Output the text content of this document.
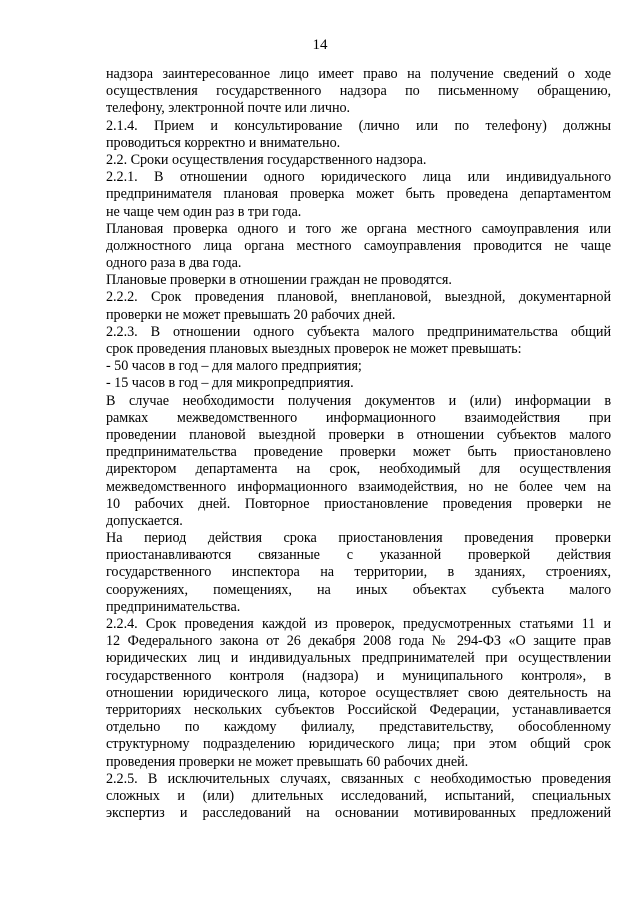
14
надзора заинтересованное лицо имеет право на получение сведений о ходе
осуществления государственного надзора по письменному обращению,
телефону, электронной почте или лично.
2.1.4. Прием и консультирование (лично или по телефону) должны
проводиться корректно и внимательно.
2.2. Сроки осуществления государственного надзора.
2.2.1. В отношении одного юридического лица или индивидуального
предпринимателя плановая проверка может быть проведена департаментом
не чаще чем один раз в три года.
Плановая проверка одного и того же органа местного самоуправления или
должностного лица органа местного самоуправления проводится не чаще
одного раза в два года.
Плановые проверки в отношении граждан не проводятся.
2.2.2. Срок проведения плановой, внеплановой, выездной, документарной
проверки не может превышать 20 рабочих дней.
2.2.3. В отношении одного субъекта малого предпринимательства общий
срок проведения плановых выездных проверок не может превышать:
- 50 часов в год – для малого предприятия;
- 15 часов в год – для микропредприятия.
В случае необходимости получения документов и (или) информации в
рамках межведомственного информационного взаимодействия при
проведении плановой выездной проверки в отношении субъектов малого
предпринимательства проведение проверки может быть приостановлено
директором департамента на срок, необходимый для осуществления
межведомственного информационного взаимодействия, но не более чем на
10 рабочих дней. Повторное приостановление проведения проверки не
допускается.
На период действия срока приостановления проведения проверки
приостанавливаются связанные с указанной проверкой действия
государственного инспектора на территории, в зданиях, строениях,
сооружениях, помещениях, на иных объектах субъекта малого
предпринимательства.
2.2.4. Срок проведения каждой из проверок, предусмотренных статьями 11 и
12 Федерального закона от 26 декабря 2008 года № 294-ФЗ «О защите прав
юридических лиц и индивидуальных предпринимателей при осуществлении
государственного контроля (надзора) и муниципального контроля», в
отношении юридического лица, которое осуществляет свою деятельность на
территориях нескольких субъектов Российской Федерации, устанавливается
отдельно по каждому филиалу, представительству, обособленному
структурному подразделению юридического лица; при этом общий срок
проведения проверки не может превышать 60 рабочих дней.
2.2.5. В исключительных случаях, связанных с необходимостью проведения
сложных и (или) длительных исследований, испытаний, специальных
экспертиз и расследований на основании мотивированных предложений
